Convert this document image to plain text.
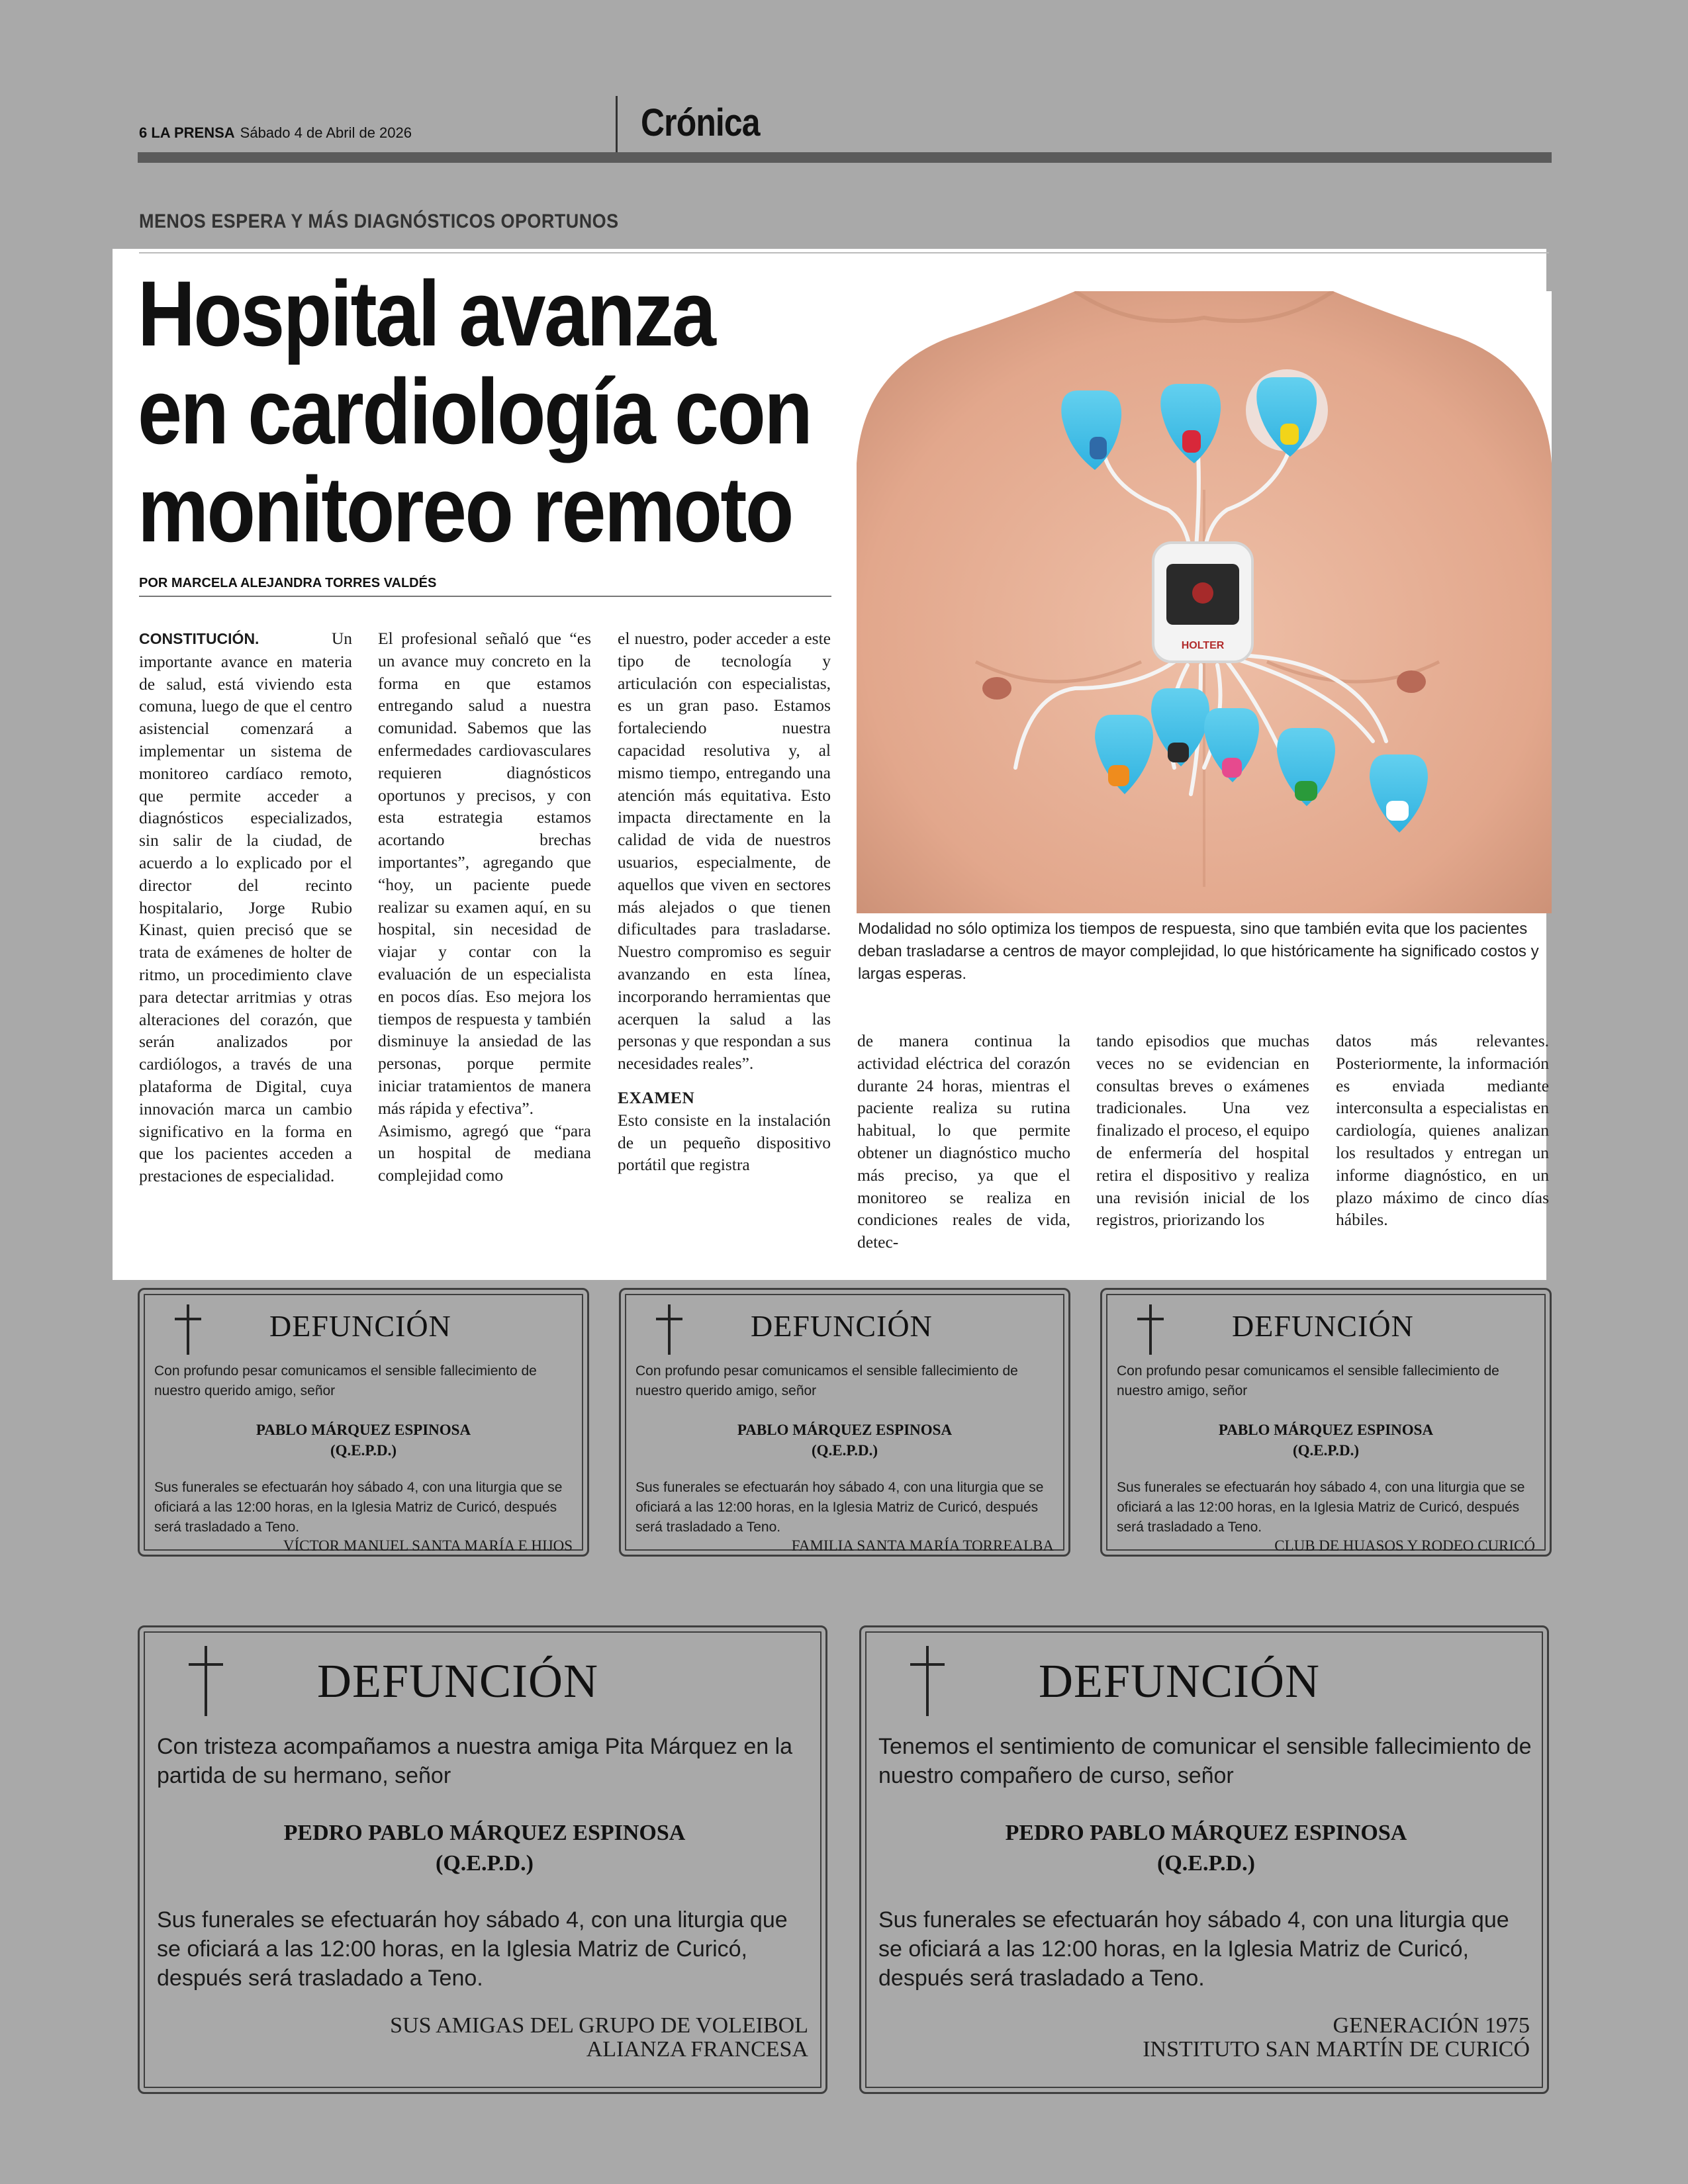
6 LA PRENSA Sábado 4 de Abril de 2026	Crónica
MENOS ESPERA Y MÁS DIAGNÓSTICOS OPORTUNOS
Hospital avanza
en cardiología con
monitoreo remoto
POR MARCELA ALEJANDRA TORRES VALDÉS

CONSTITUCIÓN.	Un importante avance en materia de salud, está viviendo esta comuna, luego de que el centro asistencial comenzará a implementar un sistema de monitoreo cardíaco remoto, que permite acceder a diagnósticos especializados, sin salir de la ciudad, de acuerdo a lo explicado por el director del recinto hospitalario, Jorge Rubio Kinast, quien precisó que se trata de exámenes de holter de ritmo, un procedimiento clave para detectar arritmias y otras alteraciones del corazón, que serán analizados por cardiólogos, a través de una plataforma de Digital, cuya innovación marca un cambio significativo en la forma en que los pacientes acceden a prestaciones de especialidad.

El profesional señaló que “es un avance muy concreto en la forma en que estamos entregando salud a nuestra comunidad. Sabemos que las enfermedades cardiovasculares requieren diagnósticos oportunos y precisos, y con esta estrategia estamos acortando brechas importantes”, agregando que “hoy, un paciente puede realizar su examen aquí, en su hospital, sin necesidad de viajar y contar con la evaluación de un especialista en pocos días. Eso mejora los tiempos de respuesta y también disminuye la ansiedad de las personas, porque permite iniciar tratamientos de manera más rápida y efectiva”.

Asimismo, agregó que “para un hospital de mediana complejidad como

el nuestro, poder acceder a este tipo de tecnología y articulación con especialistas, es un gran paso. Estamos fortaleciendo nuestra capacidad resolutiva y, al mismo tiempo, entregando una atención más equitativa. Esto impacta directamente en la calidad de vida de nuestros usuarios, especialmente, de aquellos que viven en sectores más alejados o que tienen dificultades para trasladarse. Nuestro compromiso es seguir avanzando en esta línea, incorporando herramientas que acerquen la salud a las personas y que respondan a sus necesidades reales”.

EXAMEN

Esto consiste en la instalación de un pequeño dispositivo portátil que registra

de manera continua la actividad eléctrica del corazón durante 24 horas, mientras el paciente realiza su rutina habitual, lo que permite obtener un diagnóstico mucho más preciso, ya que el monitoreo se realiza en condiciones reales de vida, detec-

tando episodios que muchas veces no se evidencian en consultas breves o exámenes tradicionales. Una vez finalizado el proceso, el equipo de enfermería del hospital retira el dispositivo y realiza una revisión inicial de los registros, priorizando los

datos más relevantes. Posteriormente, la información es enviada mediante interconsulta a especialistas en cardiología, quienes analizan los resultados y entregan un informe diagnóstico, en un plazo máximo de cinco días hábiles.

HOLTER
Modalidad no sólo optimiza los tiempos de respuesta, sino que también evita que los pacientes deban trasladarse a centros de mayor complejidad, lo que históricamente ha significado costos y largas esperas.
DEFUNCIÓN
Con profundo pesar comunicamos el sensible fallecimiento de nuestro querido amigo, señor
PABLO MÁRQUEZ ESPINOSA
(Q.E.P.D.)
Sus funerales se efectuarán hoy sábado 4, con una liturgia que se oficiará a las 12:00 horas, en la Iglesia Matriz de Curicó, después será trasladado a Teno.
VÍCTOR MANUEL SANTA MARÍA E HIJOS
DEFUNCIÓN
Con profundo pesar comunicamos el sensible fallecimiento de nuestro querido amigo, señor
PABLO MÁRQUEZ ESPINOSA
(Q.E.P.D.)
Sus funerales se efectuarán hoy sábado 4, con una liturgia que se oficiará a las 12:00 horas, en la Iglesia Matriz de Curicó, después será trasladado a Teno.
FAMILIA SANTA MARÍA TORREALBA
DEFUNCIÓN
Con profundo pesar comunicamos el sensible fallecimiento de nuestro amigo, señor
PABLO MÁRQUEZ ESPINOSA
(Q.E.P.D.)
Sus funerales se efectuarán hoy sábado 4, con una liturgia que se oficiará a las 12:00 horas, en la Iglesia Matriz de Curicó, después será trasladado a Teno.
CLUB DE HUASOS Y RODEO CURICÓ
DEFUNCIÓN
Con tristeza acompañamos a nuestra amiga Pita Márquez en la partida de su hermano, señor
PEDRO PABLO MÁRQUEZ ESPINOSA
(Q.E.P.D.)
Sus funerales se efectuarán hoy sábado 4, con una liturgia que se oficiará a las 12:00 horas, en la Iglesia Matriz de Curicó, después será trasladado a Teno.
SUS AMIGAS DEL GRUPO DE VOLEIBOL
ALIANZA FRANCESA
DEFUNCIÓN
Tenemos el sentimiento de comunicar el sensible fallecimiento de nuestro compañero de curso, señor
PEDRO PABLO MÁRQUEZ ESPINOSA
(Q.E.P.D.)
Sus funerales se efectuarán hoy sábado 4, con una liturgia que se oficiará a las 12:00 horas, en la Iglesia Matriz de Curicó, después será trasladado a Teno.
GENERACIÓN 1975
INSTITUTO SAN MARTÍN DE CURICÓ
